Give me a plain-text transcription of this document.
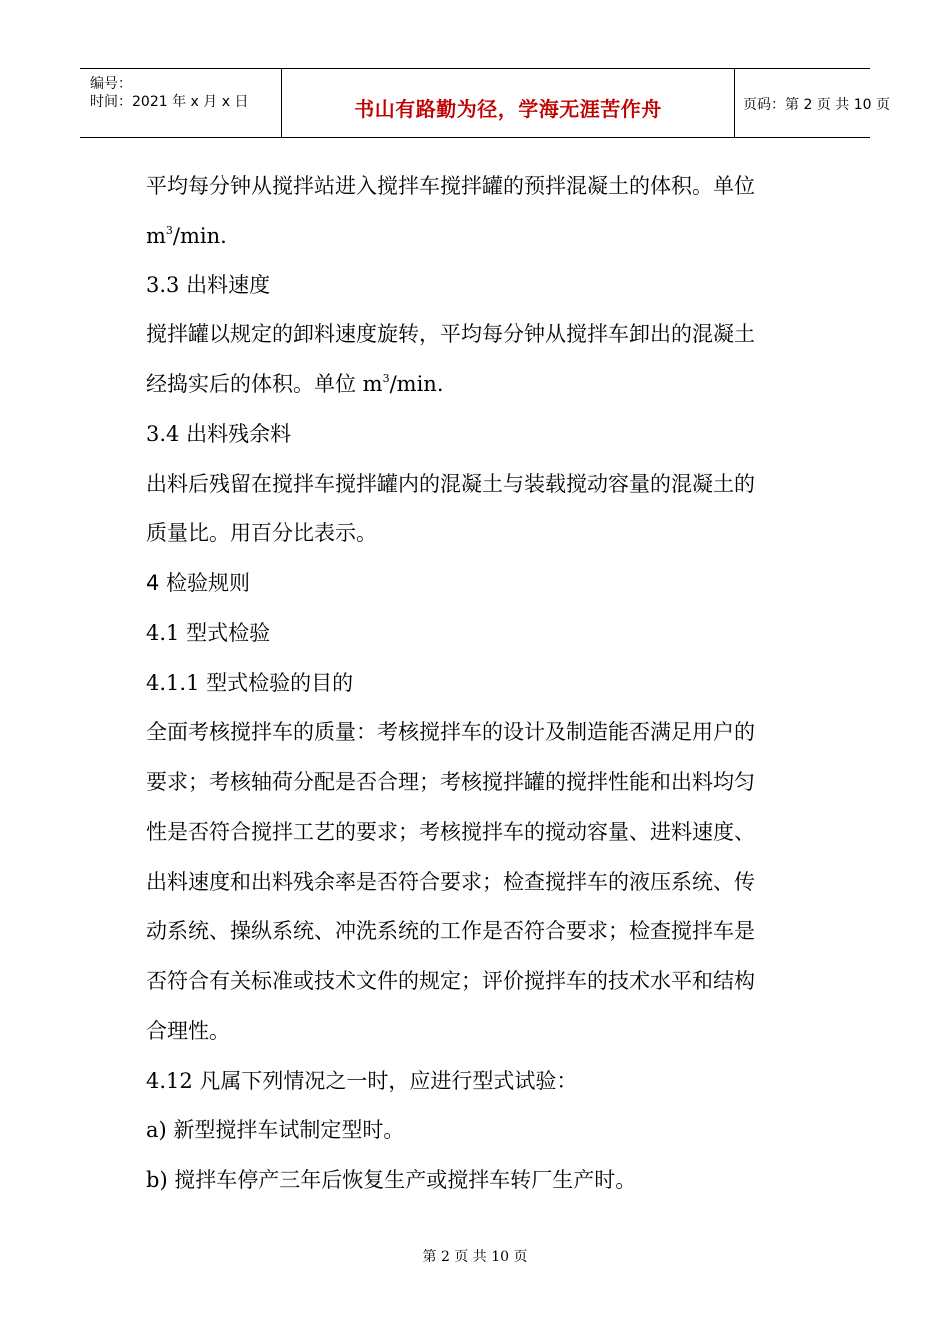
编号：
时间：2021 年 x 月 x 日	书山有路勤为径，学海无涯苦作舟	页码：第 2 页 共 10 页
平均每分钟从搅拌站进入搅拌车搅拌罐的预拌混凝土的体积。单位
$m^3/\min$.
3.3 出料速度
搅拌罐以规定的卸料速度旋转，平均每分钟从搅拌车卸出的混凝土
经捣实后的体积。单位 $m^3/\min$.
3.4 出料残余料
出料后残留在搅拌车搅拌罐内的混凝土与装载搅动容量的混凝土的
质量比。用百分比表示。
4 检验规则
4.1 型式检验
4.1.1 型式检验的目的
全面考核搅拌车的质量：考核搅拌车的设计及制造能否满足用户的
要求；考核轴荷分配是否合理；考核搅拌罐的搅拌性能和出料均匀
性是否符合搅拌工艺的要求；考核搅拌车的搅动容量、进料速度、
出料速度和出料残余率是否符合要求；检查搅拌车的液压系统、传
动系统、操纵系统、冲洗系统的工作是否符合要求；检查搅拌车是
否符合有关标准或技术文件的规定；评价搅拌车的技术水平和结构
合理性。
4.12 凡属下列情况之一时，应进行型式试验：
a) 新型搅拌车试制定型时。
b) 搅拌车停产三年后恢复生产或搅拌车转厂生产时。
第 2 页 共 10 页
